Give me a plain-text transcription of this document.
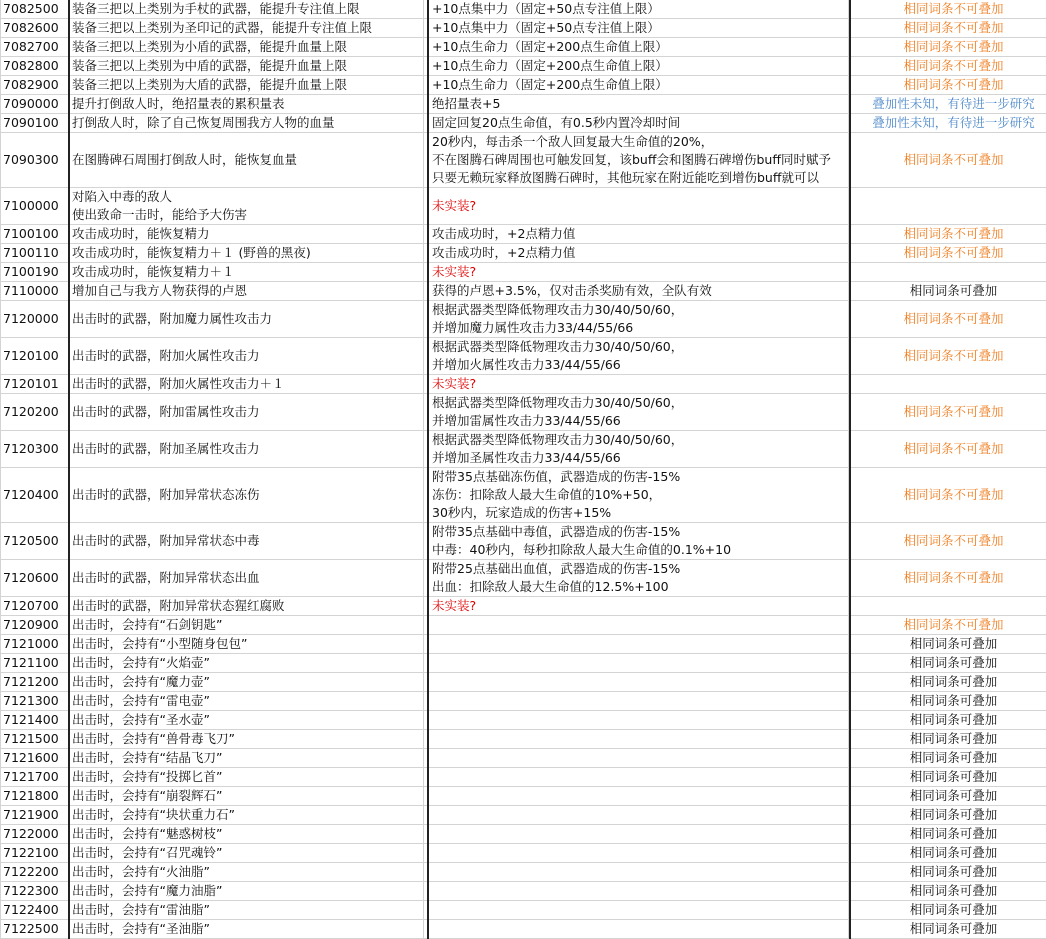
7082500	装备三把以上类别为手杖的武器，能提升专注值上限		+10点集中力（固定+50点专注值上限）		相同词条不可叠加
7082600	装备三把以上类别为圣印记的武器，能提升专注值上限		+10点集中力（固定+50点专注值上限）		相同词条不可叠加
7082700	装备三把以上类别为小盾的武器，能提升血量上限		+10点生命力（固定+200点生命值上限）		相同词条不可叠加
7082800	装备三把以上类别为中盾的武器，能提升血量上限		+10点生命力（固定+200点生命值上限）		相同词条不可叠加
7082900	装备三把以上类别为大盾的武器，能提升血量上限		+10点生命力（固定+200点生命值上限）		相同词条不可叠加
7090000	提升打倒敌人时，绝招量表的累积量表		绝招量表+5		叠加性未知，有待进一步研究
7090100	打倒敌人时，除了自己恢复周围我方人物的血量		固定回复20点生命值，有0.5秒内置冷却时间		叠加性未知，有待进一步研究
7090300	在图腾碑石周围打倒敌人时，能恢复血量		20秒内，每击杀一个敌人回复最大生命值的20%，
不在图腾石碑周围也可触发回复，该buff会和图腾石碑增伤buff同时赋予
只要无赖玩家释放图腾石碑时，其他玩家在附近能吃到增伤buff就可以		相同词条不可叠加
7100000	对陷入中毒的敌人
使出致命一击时，能给予大伤害		未实装?		

7100100	攻击成功时，能恢复精力		攻击成功时，+2点精力值		相同词条不可叠加
7100110	攻击成功时，能恢复精力＋１ (野兽的黑夜)		攻击成功时，+2点精力值		相同词条不可叠加
7100190	攻击成功时，能恢复精力＋１		未实装?		

7110000	增加自己与我方人物获得的卢恩		获得的卢恩+3.5%，仅对击杀奖励有效，全队有效		相同词条可叠加
7120000	出击时的武器，附加魔力属性攻击力		根据武器类型降低物理攻击力30/40/50/60，
并增加魔力属性攻击力33/44/55/66		相同词条不可叠加
7120100	出击时的武器，附加火属性攻击力		根据武器类型降低物理攻击力30/40/50/60，
并增加火属性攻击力33/44/55/66		相同词条不可叠加
7120101	出击时的武器，附加火属性攻击力＋１		未实装?		

7120200	出击时的武器，附加雷属性攻击力		根据武器类型降低物理攻击力30/40/50/60，
并增加雷属性攻击力33/44/55/66		相同词条不可叠加
7120300	出击时的武器，附加圣属性攻击力		根据武器类型降低物理攻击力30/40/50/60，
并增加圣属性攻击力33/44/55/66		相同词条不可叠加
7120400	出击时的武器，附加异常状态冻伤		附带35点基础冻伤值，武器造成的伤害-15%
冻伤：扣除敌人最大生命值的10%+50，
30秒内，玩家造成的伤害+15%		相同词条不可叠加
7120500	出击时的武器，附加异常状态中毒		附带35点基础中毒值，武器造成的伤害-15%
中毒：40秒内，每秒扣除敌人最大生命值的0.1%+10		相同词条不可叠加
7120600	出击时的武器，附加异常状态出血		附带25点基础出血值，武器造成的伤害-15%
出血：扣除敌人最大生命值的12.5%+100		相同词条不可叠加
7120700	出击时的武器，附加异常状态猩红腐败		未实装?		

7120900	出击时，会持有“石剑钥匙”				相同词条不可叠加
7121000	出击时，会持有“小型随身包包”				相同词条可叠加
7121100	出击时，会持有“火焰壶”				相同词条可叠加
7121200	出击时，会持有“魔力壶”				相同词条可叠加
7121300	出击时，会持有“雷电壶”				相同词条可叠加
7121400	出击时，会持有“圣水壶”				相同词条可叠加
7121500	出击时，会持有“兽骨毒飞刀”				相同词条可叠加
7121600	出击时，会持有“结晶飞刀”				相同词条可叠加
7121700	出击时，会持有“投掷匕首”				相同词条可叠加
7121800	出击时，会持有“崩裂辉石”				相同词条可叠加
7121900	出击时，会持有“块状重力石”				相同词条可叠加
7122000	出击时，会持有“魅惑树枝”				相同词条可叠加
7122100	出击时，会持有“召咒魂铃”				相同词条可叠加
7122200	出击时，会持有“火油脂”				相同词条可叠加
7122300	出击时，会持有“魔力油脂”				相同词条可叠加
7122400	出击时，会持有“雷油脂”				相同词条可叠加
7122500	出击时，会持有“圣油脂”				相同词条可叠加
